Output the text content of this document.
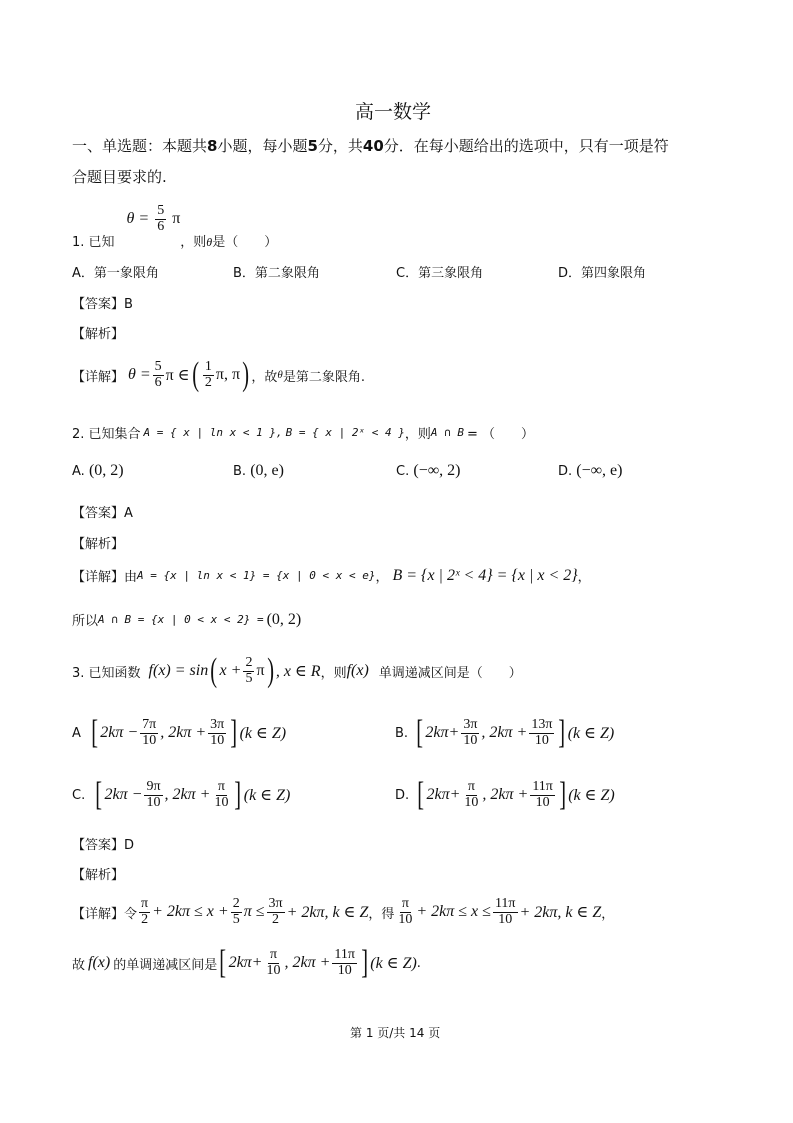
高一数学
一、单选题：本题共8小题，每小题5分，共40分．在每小题给出的选项中，只有一项是符
合题目要求的.
1. 已知
$\theta = \frac{5}{6}$ π
，则 θ 是（　　）
A．第一象限角	B．第二象限角	C．第三象限角	D．第四象限角
【答案】B
【解析】
【详解】 $\theta = \frac{5}{6}$ π ∈ ( $\frac{1}{2} \pi$, π ) ，故 θ 是第二象限角.
2. 已知集合 A = { x | ln x < 1 } , B = { x | 2ˣ < 4 } ，则 A ∩ B = （　　）
A. (0, 2)	B. (0, e)	C. (−∞, 2)	D. (−∞, e)
【答案】A
【解析】
【详解】 由 A = {x | ln x < 1} = {x | 0 < x < e} ， B = {x | 2ˣ < 4} = {x | x < 2} ，
所以 A ∩ B = {x | 0 < x < 2} = (0, 2)
3. 已知函数 f(x) = sin ( $x + \frac{2}{5}$ π ) , x ∈ R ，则 f(x) 单调递减区间是（　　）
A [ $2k\pi - \frac{7\pi}{10}$ , $2k\pi + \frac{3\pi}{10}$ ] (k ∈ Z)	B. [ $2k\pi+ \frac{3\pi}{10}$ , $2k\pi + \frac{13\pi}{10}$ ] (k ∈ Z)
C. [ $2k\pi - \frac{9\pi}{10}$ , $2k\pi + \frac{\pi}{10}$ ] (k ∈ Z)	D. [ $2k\pi+ \frac{\pi}{10}$ , $2k\pi + \frac{11\pi}{10}$ ] (k ∈ Z)
【答案】D
【解析】
【详解】 令 $\frac{\pi}{2} + 2k\pi \le x + \frac{2}{5}$ $\pi \le \frac{3\pi}{2} + 2k\pi$, k ∈ Z ，得 $\frac{\pi}{10} + 2k\pi \le x \le \frac{11\pi}{10} + 2k\pi$, k ∈ Z ，
故 f(x) 的单调递减区间是 [ $2k\pi+ \frac{\pi}{10}$ , $2k\pi + \frac{11\pi}{10}$ ] (k ∈ Z) .
第 1 页/共 14 页
